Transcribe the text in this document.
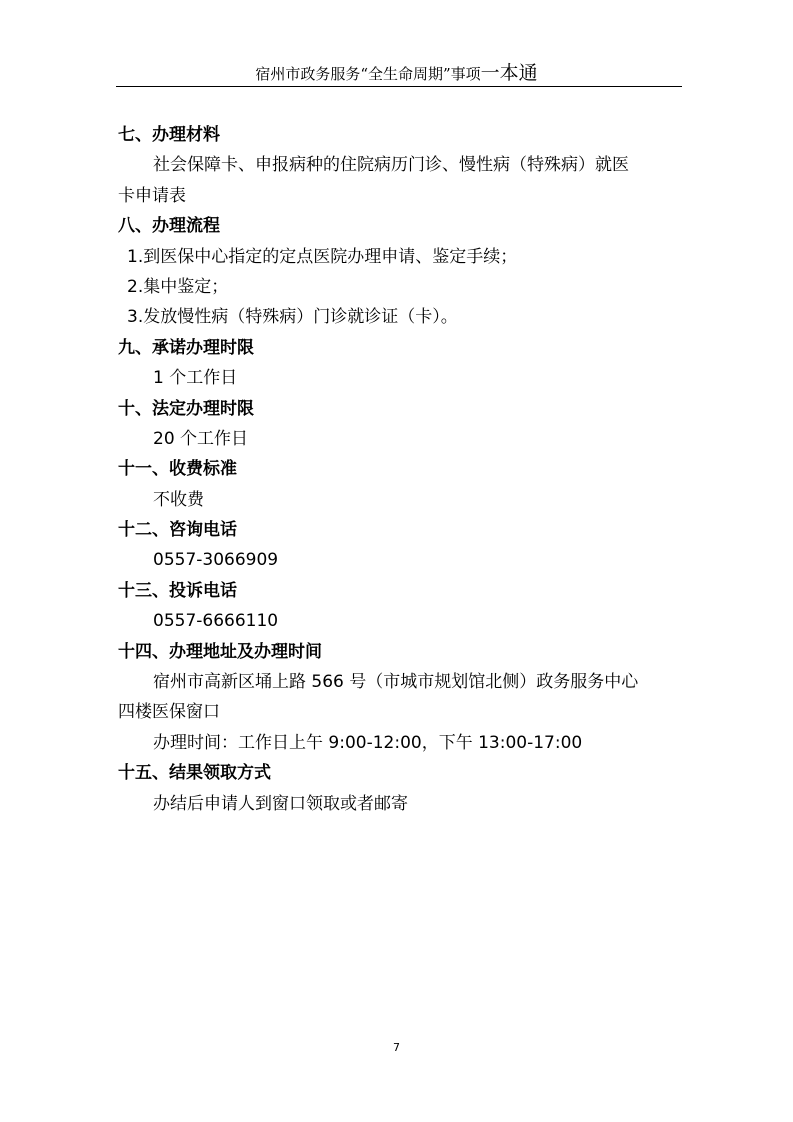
宿州市政务服务“全生命周期”事项一本通
七、办理材料
社会保障卡、申报病种的住院病历门诊、慢性病（特殊病）就医
卡申请表
八、办理流程
1.到医保中心指定的定点医院办理申请、鉴定手续；
2.集中鉴定；
3.发放慢性病（特殊病）门诊就诊证（卡）。
九、承诺办理时限
1 个工作日
十、法定办理时限
20 个工作日
十一、收费标准
不收费
十二、咨询电话
0557-3066909
十三、投诉电话
0557-6666110
十四、办理地址及办理时间
宿州市高新区埇上路 566 号（市城市规划馆北侧）政务服务中心
四楼医保窗口
办理时间：工作日上午 9:00-12:00，下午 13:00-17:00
十五、结果领取方式
办结后申请人到窗口领取或者邮寄
7
